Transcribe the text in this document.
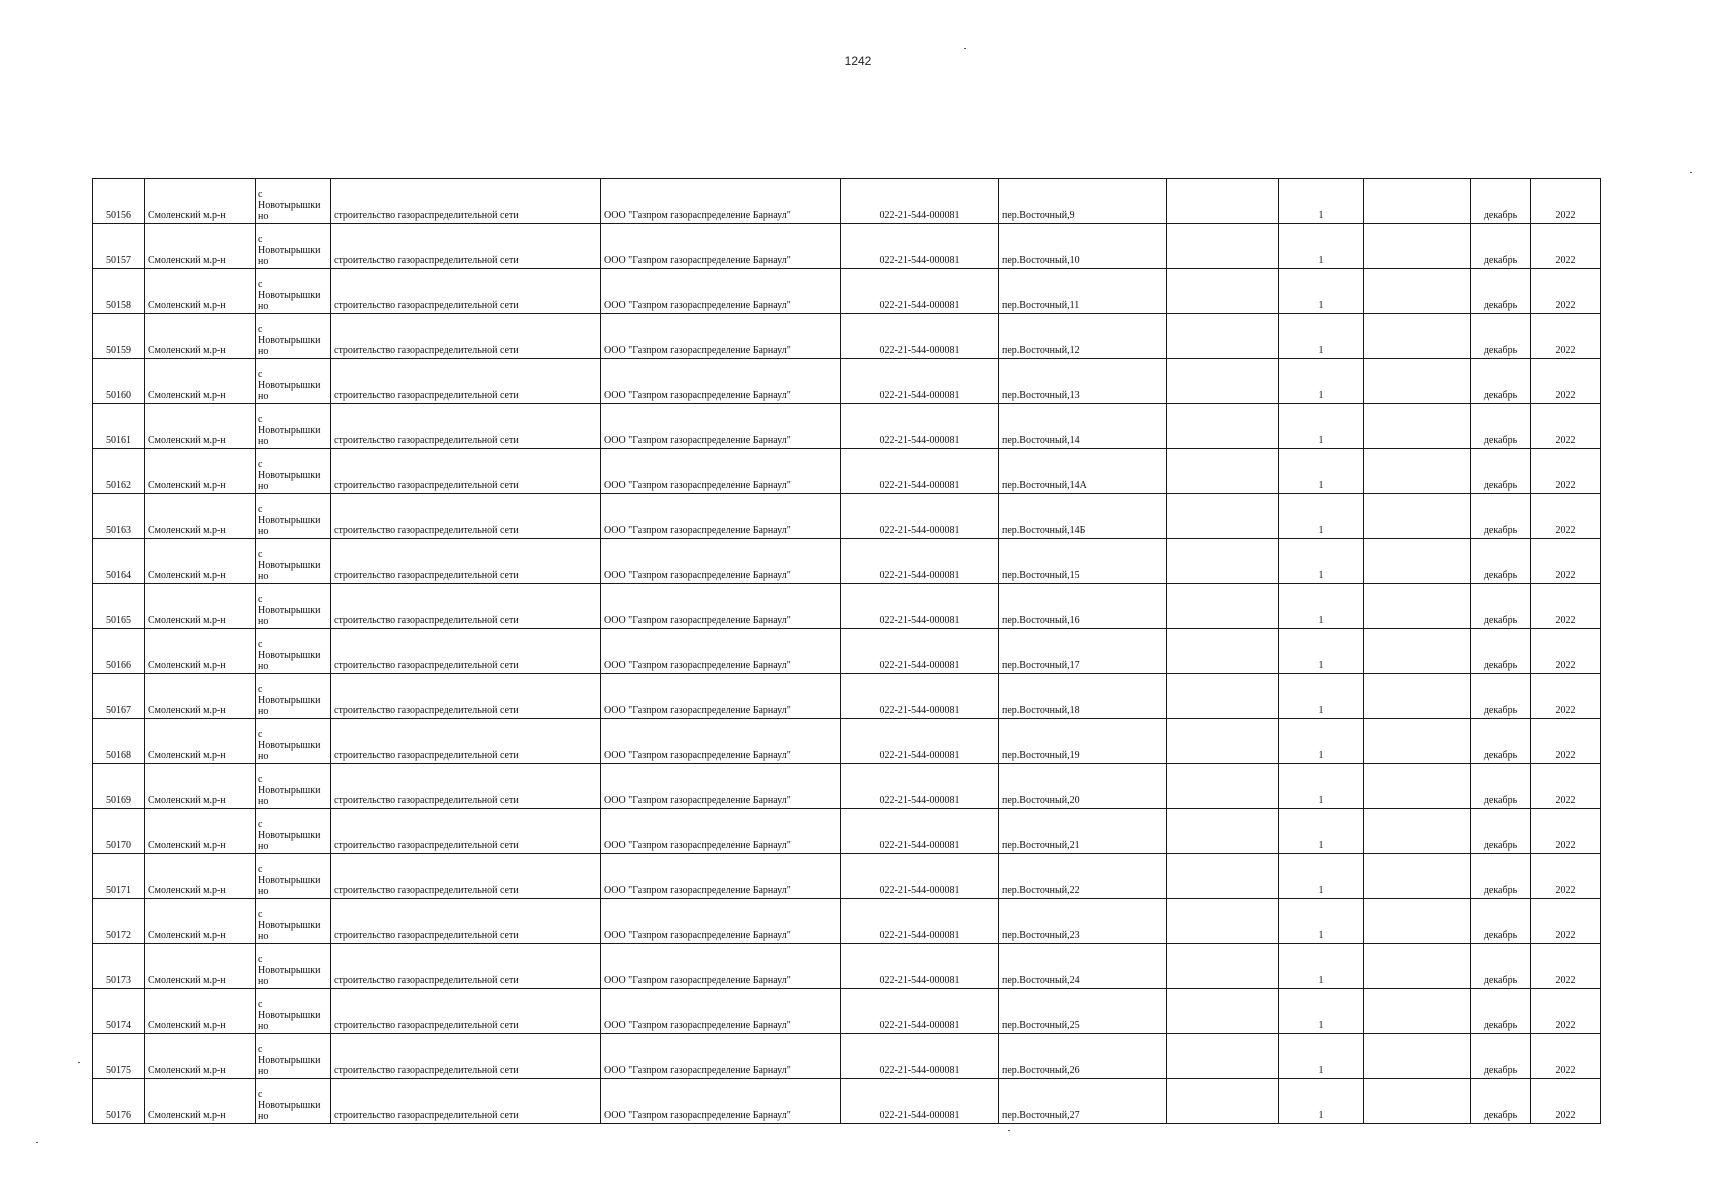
1242
50156	Смоленский м.р-н	с
Новотырышки
но	строительство газораспределительной сети	ООО "Газпром газораспределение Барнаул"	022-21-544-000081	пер.Восточный,9		1		декабрь	2022
50157	Смоленский м.р-н	с
Новотырышки
но	строительство газораспределительной сети	ООО "Газпром газораспределение Барнаул"	022-21-544-000081	пер.Восточный,10		1		декабрь	2022
50158	Смоленский м.р-н	с
Новотырышки
но	строительство газораспределительной сети	ООО "Газпром газораспределение Барнаул"	022-21-544-000081	пер.Восточный,11		1		декабрь	2022
50159	Смоленский м.р-н	с
Новотырышки
но	строительство газораспределительной сети	ООО "Газпром газораспределение Барнаул"	022-21-544-000081	пер.Восточный,12		1		декабрь	2022
50160	Смоленский м.р-н	с
Новотырышки
но	строительство газораспределительной сети	ООО "Газпром газораспределение Барнаул"	022-21-544-000081	пер.Восточный,13		1		декабрь	2022
50161	Смоленский м.р-н	с
Новотырышки
но	строительство газораспределительной сети	ООО "Газпром газораспределение Барнаул"	022-21-544-000081	пер.Восточный,14		1		декабрь	2022
50162	Смоленский м.р-н	с
Новотырышки
но	строительство газораспределительной сети	ООО "Газпром газораспределение Барнаул"	022-21-544-000081	пер.Восточный,14А		1		декабрь	2022
50163	Смоленский м.р-н	с
Новотырышки
но	строительство газораспределительной сети	ООО "Газпром газораспределение Барнаул"	022-21-544-000081	пер.Восточный,14Б		1		декабрь	2022
50164	Смоленский м.р-н	с
Новотырышки
но	строительство газораспределительной сети	ООО "Газпром газораспределение Барнаул"	022-21-544-000081	пер.Восточный,15		1		декабрь	2022
50165	Смоленский м.р-н	с
Новотырышки
но	строительство газораспределительной сети	ООО "Газпром газораспределение Барнаул"	022-21-544-000081	пер.Восточный,16		1		декабрь	2022
50166	Смоленский м.р-н	с
Новотырышки
но	строительство газораспределительной сети	ООО "Газпром газораспределение Барнаул"	022-21-544-000081	пер.Восточный,17		1		декабрь	2022
50167	Смоленский м.р-н	с
Новотырышки
но	строительство газораспределительной сети	ООО "Газпром газораспределение Барнаул"	022-21-544-000081	пер.Восточный,18		1		декабрь	2022
50168	Смоленский м.р-н	с
Новотырышки
но	строительство газораспределительной сети	ООО "Газпром газораспределение Барнаул"	022-21-544-000081	пер.Восточный,19		1		декабрь	2022
50169	Смоленский м.р-н	с
Новотырышки
но	строительство газораспределительной сети	ООО "Газпром газораспределение Барнаул"	022-21-544-000081	пер.Восточный,20		1		декабрь	2022
50170	Смоленский м.р-н	с
Новотырышки
но	строительство газораспределительной сети	ООО "Газпром газораспределение Барнаул"	022-21-544-000081	пер.Восточный,21		1		декабрь	2022
50171	Смоленский м.р-н	с
Новотырышки
но	строительство газораспределительной сети	ООО "Газпром газораспределение Барнаул"	022-21-544-000081	пер.Восточный,22		1		декабрь	2022
50172	Смоленский м.р-н	с
Новотырышки
но	строительство газораспределительной сети	ООО "Газпром газораспределение Барнаул"	022-21-544-000081	пер.Восточный,23		1		декабрь	2022
50173	Смоленский м.р-н	с
Новотырышки
но	строительство газораспределительной сети	ООО "Газпром газораспределение Барнаул"	022-21-544-000081	пер.Восточный,24		1		декабрь	2022
50174	Смоленский м.р-н	с
Новотырышки
но	строительство газораспределительной сети	ООО "Газпром газораспределение Барнаул"	022-21-544-000081	пер.Восточный,25		1		декабрь	2022
50175	Смоленский м.р-н	с
Новотырышки
но	строительство газораспределительной сети	ООО "Газпром газораспределение Барнаул"	022-21-544-000081	пер.Восточный,26		1		декабрь	2022
50176	Смоленский м.р-н	с
Новотырышки
но	строительство газораспределительной сети	ООО "Газпром газораспределение Барнаул"	022-21-544-000081	пер.Восточный,27		1		декабрь	2022
